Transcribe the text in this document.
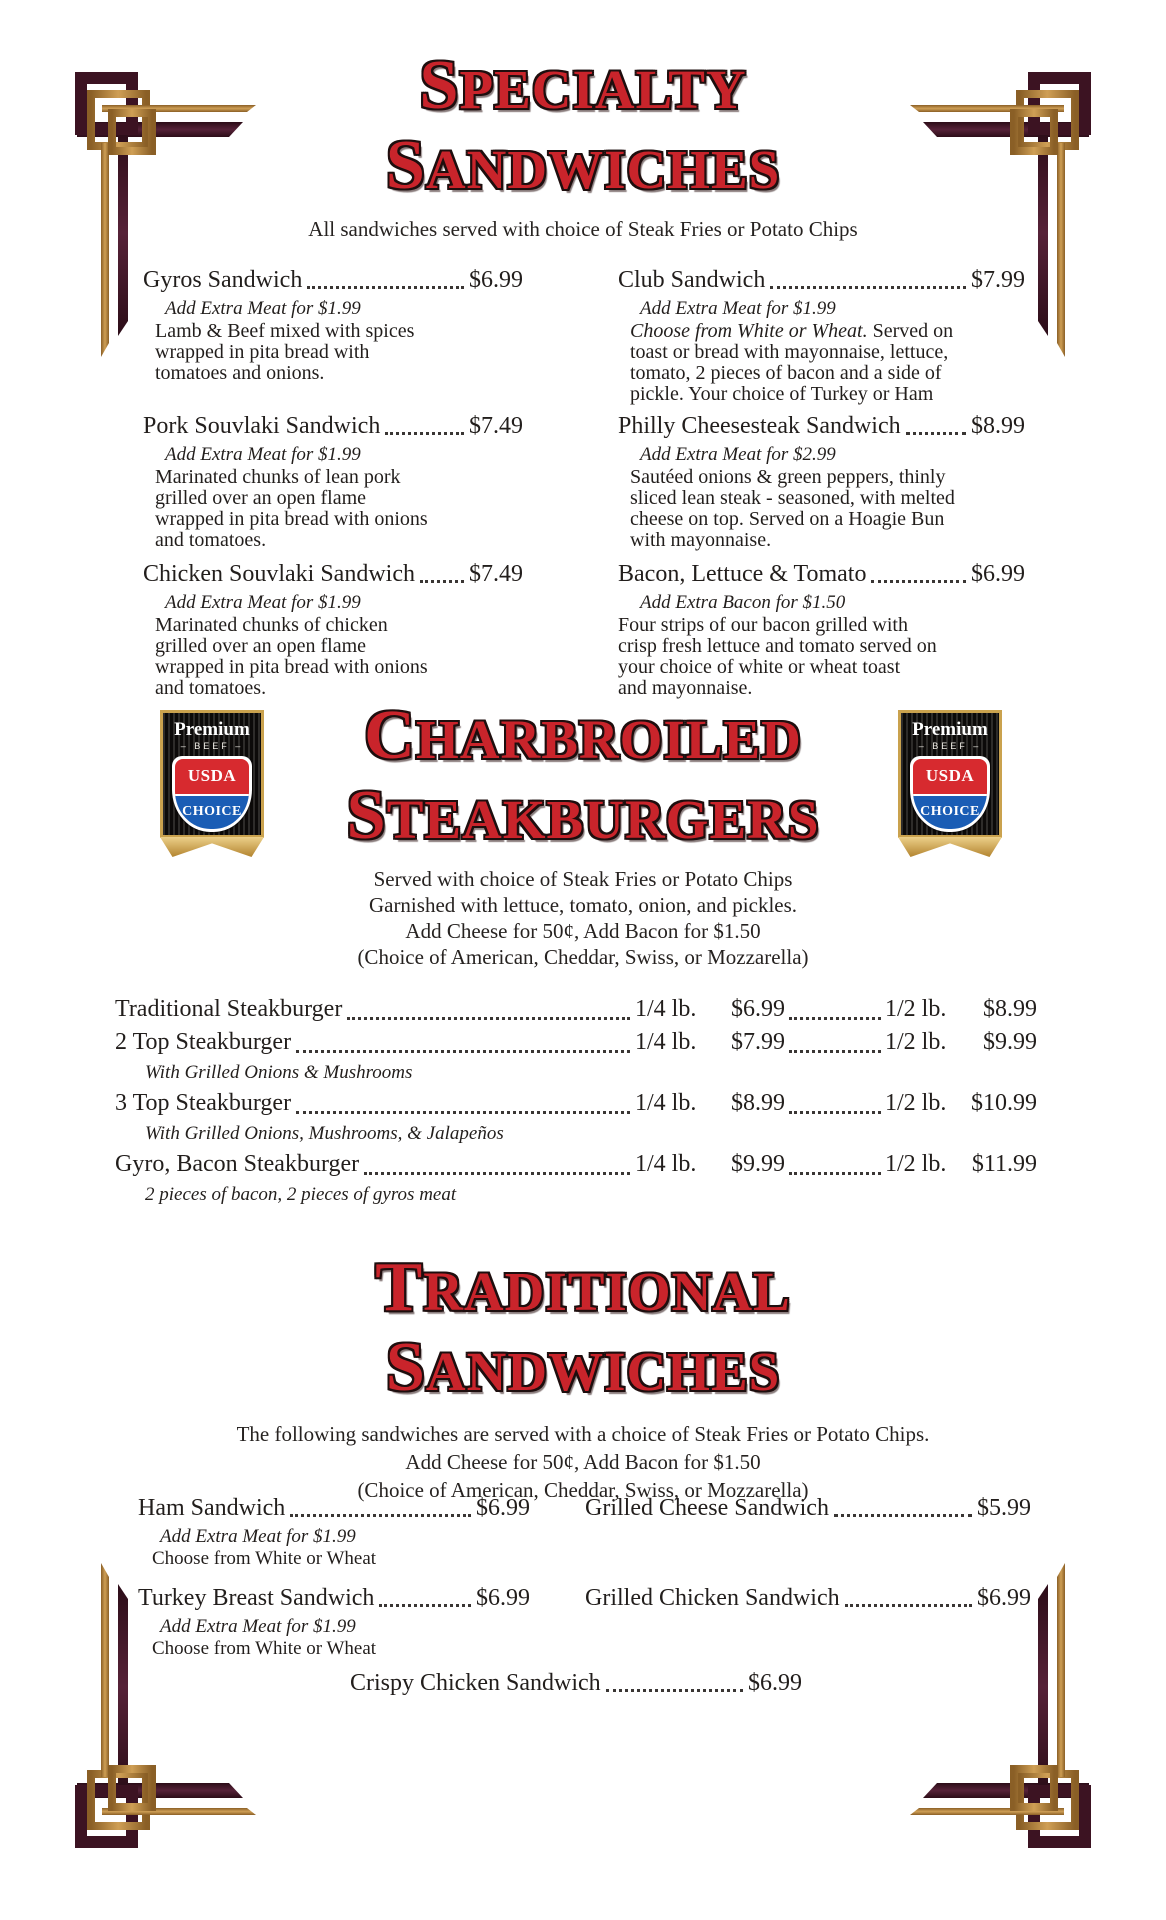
SPECIALTY
SANDWICHES
All sandwiches served with choice of Steak Fries or Potato Chips
Gyros Sandwich	$6.99
Add Extra Meat for $1.99
Lamb & Beef mixed with spices
wrapped in pita bread with
tomatoes and onions.
Pork Souvlaki Sandwich	$7.49
Add Extra Meat for $1.99
Marinated chunks of lean pork
grilled over an open flame
wrapped in pita bread with onions
and tomatoes.
Chicken Souvlaki Sandwich $7.49
Add Extra Meat for $1.99
Marinated chunks of chicken
grilled over an open flame
wrapped in pita bread with onions
and tomatoes.
Club Sandwich	$7.99
Add Extra Meat for $1.99
Choose from White or Wheat. Served on
toast or bread with mayonnaise, lettuce,
tomato, 2 pieces of bacon and a side of
pickle. Your choice of Turkey or Ham
Philly Cheesesteak Sandwich	$8.99
Add Extra Meat for $2.99
Sautéed onions & green peppers, thinly
sliced lean steak - seasoned, with melted
cheese on top. Served on a Hoagie Bun
with mayonnaise.
Bacon, Lettuce & Tomato	$6.99
Add Extra Bacon for $1.50
Four strips of our bacon grilled with
crisp fresh lettuce and tomato served on
your choice of white or wheat toast
and mayonnaise.
Premium
– BEEF –
USDA
CHOICE
Premium
– BEEF –
USDA
CHOICE
CHARBROILED
STEAKBURGERS
Served with choice of Steak Fries or Potato Chips
Garnished with lettuce, tomato, onion, and pickles.
Add Cheese for 50¢, Add Bacon for $1.50
(Choice of American, Cheddar, Swiss, or Mozzarella)
Traditional Steakburger	1/4 lb.	$6.99	1/2 lb.	$8.99
2 Top Steakburger	1/4 lb.	$7.99	1/2 lb.	$9.99
With Grilled Onions & Mushrooms
3 Top Steakburger	1/4 lb.	$8.99	1/2 lb.	$10.99
With Grilled Onions, Mushrooms, & Jalapeños
Gyro, Bacon Steakburger	1/4 lb.	$9.99	1/2 lb.	$11.99
2 pieces of bacon, 2 pieces of gyros meat
TRADITIONAL
SANDWICHES
The following sandwiches are served with a choice of Steak Fries or Potato Chips.
Add Cheese for 50¢, Add Bacon for $1.50
(Choice of American, Cheddar, Swiss, or Mozzarella)
Ham Sandwich	$6.99
Add Extra Meat for $1.99
Choose from White or Wheat
Turkey Breast Sandwich	$6.99
Add Extra Meat for $1.99
Choose from White or Wheat
Grilled Cheese Sandwich	$5.99
Grilled Chicken Sandwich	$6.99
Crispy Chicken Sandwich	$6.99
